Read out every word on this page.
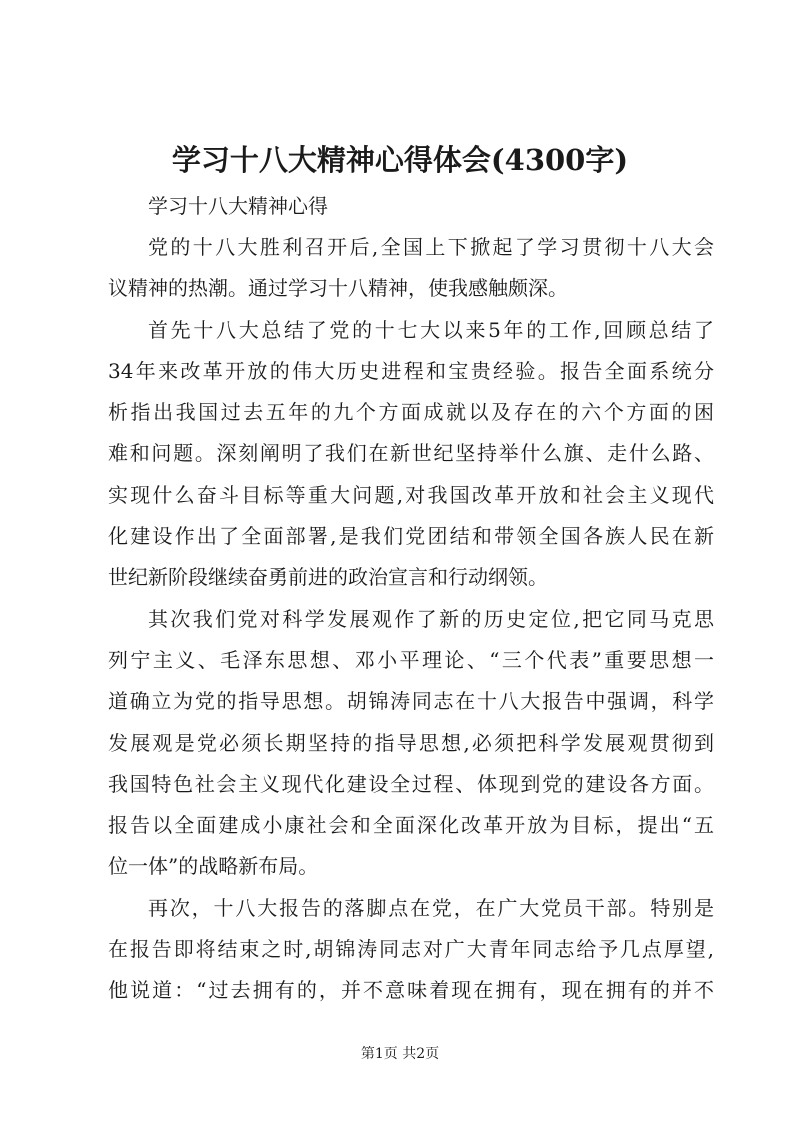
学习十八大精神心得体会(4300字)

学习十八大精神心得

党的十八大胜利召开后,全国上下掀起了学习贯彻十八大会
议精神的热潮。通过学习十八精神，使我感触颇深。

首先十八大总结了党的十七大以来5年的工作,回顾总结了
34年来改革开放的伟大历史进程和宝贵经验。报告全面系统分
析指出我国过去五年的九个方面成就以及存在的六个方面的困
难和问题。深刻阐明了我们在新世纪坚持举什么旗、走什么路、
实现什么奋斗目标等重大问题,对我国改革开放和社会主义现代
化建设作出了全面部署,是我们党团结和带领全国各族人民在新
世纪新阶段继续奋勇前进的政治宣言和行动纲领。

其次我们党对科学发展观作了新的历史定位,把它同马克思
列宁主义、毛泽东思想、邓小平理论、“三个代表”重要思想一
道确立为党的指导思想。胡锦涛同志在十八大报告中强调，科学
发展观是党必须长期坚持的指导思想,必须把科学发展观贯彻到
我国特色社会主义现代化建设全过程、体现到党的建设各方面。
报告以全面建成小康社会和全面深化改革开放为目标，提出“五
位一体”的战略新布局。

再次，十八大报告的落脚点在党，在广大党员干部。特别是
在报告即将结束之时,胡锦涛同志对广大青年同志给予几点厚望,
他说道：“过去拥有的，并不意味着现在拥有，现在拥有的并不

第1页 共2页
